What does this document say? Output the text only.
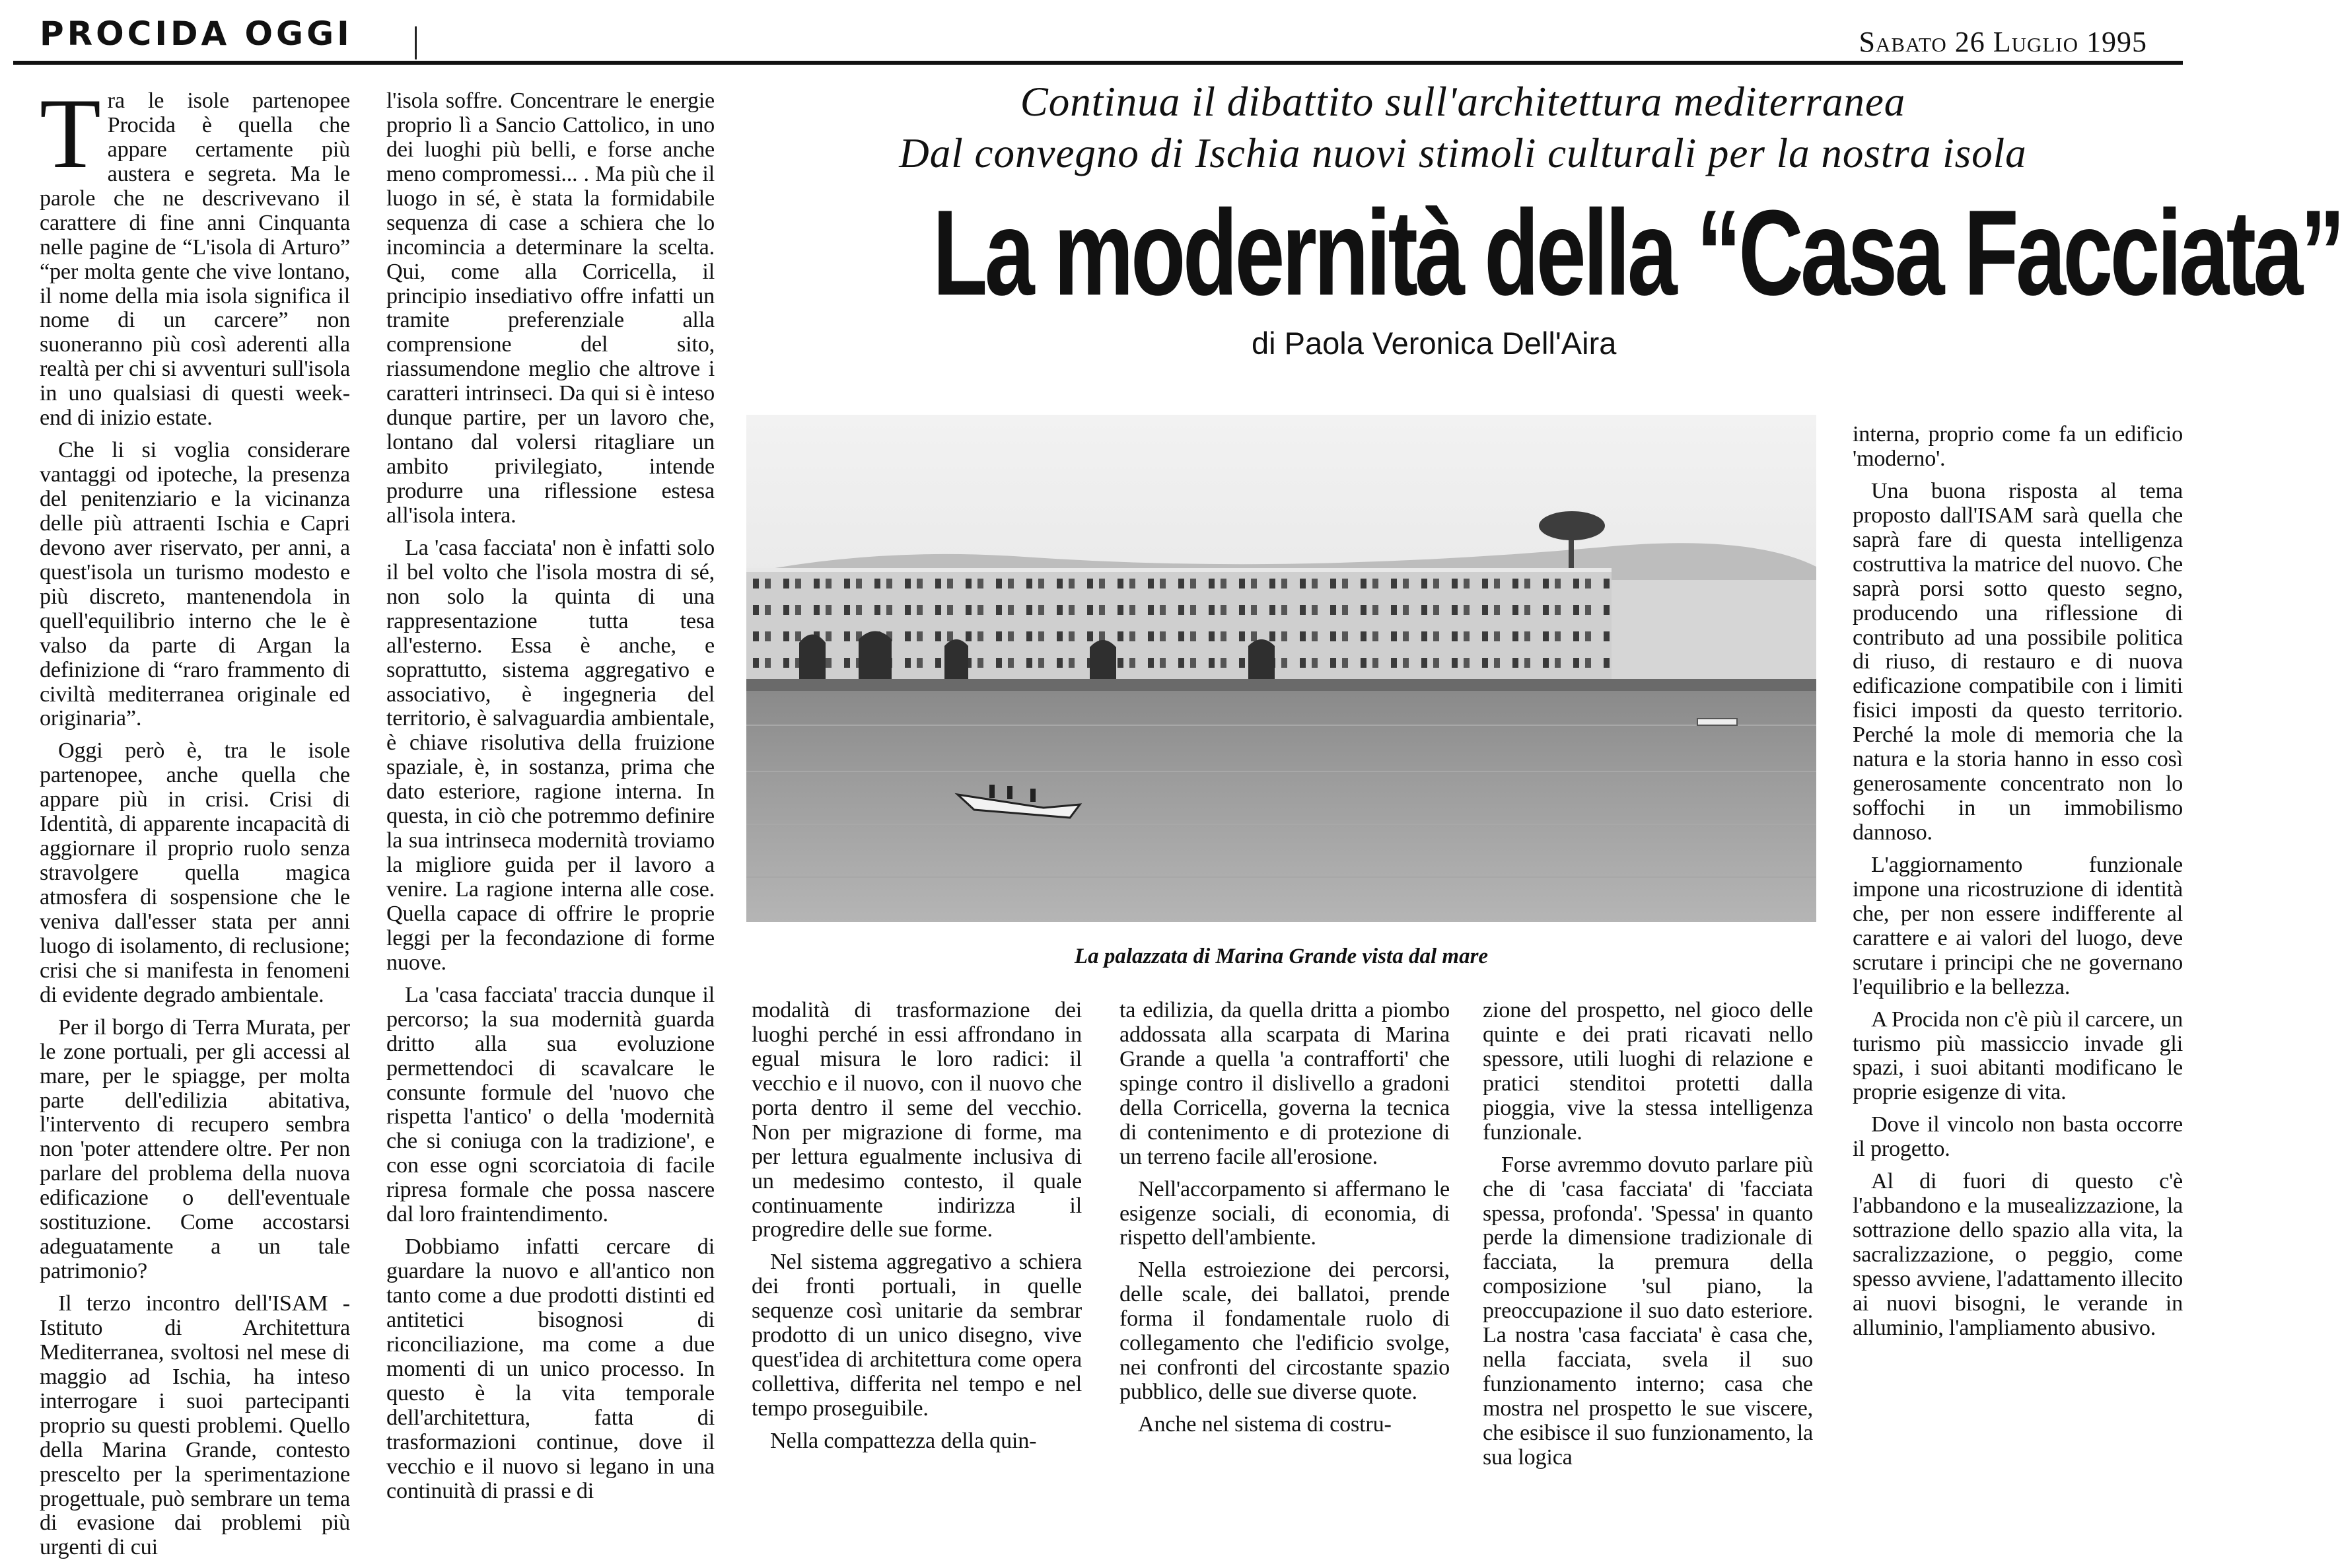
PROCIDA OGGI	Sabato 26 Luglio 1995
Continua il dibattito sull'architettura mediterranea
Dal convegno di Ischia nuovi stimoli culturali per la nostra isola
La modernità della “Casa Facciata”
di Paola Veronica Dell'Aira
La palazzata di Marina Grande vista dal mare

Tra le isole partenopee Procida è quella che appare certamente più austera e segreta. Ma le parole che ne descrivevano il carattere di fine anni Cinquanta nelle pagine de “L'isola di Arturo” “per molta gente che vive lontano, il nome della mia isola significa il nome di un carcere” non suoneranno più così aderenti alla realtà per chi si avventuri sull'isola in uno qualsiasi di questi week-end di inizio estate.

Che li si voglia considerare vantaggi od ipoteche, la presenza del penitenziario e la vicinanza delle più attraenti Ischia e Capri devono aver riservato, per anni, a quest'isola un turismo modesto e più discreto, mantenendola in quell'equilibrio interno che le è valso da parte di Argan la definizione di “raro frammento di civiltà mediterranea originale ed originaria”.

Oggi però è, tra le isole partenopee, anche quella che appare più in crisi. Crisi di Identità, di apparente incapacità di aggiornare il proprio ruolo senza stravolgere quella magica atmosfera di sospensione che le veniva dall'esser stata per anni luogo di isolamento, di reclusione; crisi che si manifesta in fenomeni di evidente degrado ambientale.

Per il borgo di Terra Murata, per le zone portuali, per gli accessi al mare, per le spiagge, per molta parte dell'edilizia abitativa, l'intervento di recupero sembra non 'poter attendere oltre. Per non parlare del problema della nuova edificazione o dell'eventuale sostituzione. Come accostarsi adeguatamente a un tale patrimonio?

Il terzo incontro dell'ISAM - Istituto di Architettura Mediterranea, svoltosi nel mese di maggio ad Ischia, ha inteso interrogare i suoi partecipanti proprio su questi problemi. Quello della Marina Grande, contesto prescelto per la sperimentazione progettuale, può sembrare un tema di evasione dai problemi più urgenti di cui

l'isola soffre. Concentrare le energie proprio lì a Sancio Cattolico, in uno dei luoghi più belli, e forse anche meno compromessi... . Ma più che il luogo in sé, è stata la formidabile sequenza di case a schiera che lo incomincia a determinare la scelta. Qui, come alla Corricella, il principio insediativo offre infatti un tramite preferenziale alla comprensione del sito, riassumendone meglio che altrove i caratteri intrinseci. Da qui si è inteso dunque partire, per un lavoro che, lontano dal volersi ritagliare un ambito privilegiato, intende produrre una riflessione estesa all'isola intera.

La 'casa facciata' non è infatti solo il bel volto che l'isola mostra di sé, non solo la quinta di una rappresentazione tutta tesa all'esterno. Essa è anche, e soprattutto, sistema aggregativo e associativo, è ingegneria del territorio, è salvaguardia ambientale, è chiave risolutiva della fruizione spaziale, è, in sostanza, prima che dato esteriore, ragione interna. In questa, in ciò che potremmo definire la sua intrinseca modernità troviamo la migliore guida per il lavoro a venire. La ragione interna alle cose. Quella capace di offrire le proprie leggi per la fecondazione di forme nuove.

La 'casa facciata' traccia dunque il percorso; la sua modernità guarda dritto alla sua evoluzione permettendoci di scavalcare le consunte formule del 'nuovo che rispetta l'antico' o della 'modernità che si coniuga con la tradizione', e con esse ogni scorciatoia di facile ripresa formale che possa nascere dal loro fraintendimento.

Dobbiamo infatti cercare di guardare la nuovo e all'antico non tanto come a due prodotti distinti ed antitetici bisognosi di riconciliazione, ma come a due momenti di un unico processo. In questo è la vita temporale dell'architettura, fatta di trasformazioni continue, dove il vecchio e il nuovo si legano in una continuità di prassi e di

modalità di trasformazione dei luoghi perché in essi affrondano in egual misura le loro radici: il vecchio e il nuovo, con il nuovo che porta dentro il seme del vecchio. Non per migrazione di forme, ma per lettura egualmente inclusiva di un medesimo contesto, il quale continuamente indirizza il progredire delle sue forme.

Nel sistema aggregativo a schiera dei fronti portuali, in quelle sequenze così unitarie da sembrar prodotto di un unico disegno, vive quest'idea di architettura come opera collettiva, differita nel tempo e nel tempo proseguibile.

Nella compattezza della quin-

ta edilizia, da quella dritta a piombo addossata alla scarpata di Marina Grande a quella 'a contrafforti' che spinge contro il dislivello a gradoni della Corricella, governa la tecnica di contenimento e di protezione di un terreno facile all'erosione.

Nell'accorpamento si affermano le esigenze sociali, di economia, di rispetto dell'ambiente.

Nella estroiezione dei percorsi, delle scale, dei ballatoi, prende forma il fondamentale ruolo di collegamento che l'edificio svolge, nei confronti del circostante spazio pubblico, delle sue diverse quote.

Anche nel sistema di costru-

zione del prospetto, nel gioco delle quinte e dei prati ricavati nello spessore, utili luoghi di relazione e pratici stenditoi protetti dalla pioggia, vive la stessa intelligenza funzionale.

Forse avremmo dovuto parlare più che di 'casa facciata' di 'facciata spessa, profonda'. 'Spessa' in quanto perde la dimensione tradizionale di facciata, la premura della composizione 'sul piano, la preoccupazione il suo dato esteriore. La nostra 'casa facciata' è casa che, nella facciata, svela il suo funzionamento interno; casa che mostra nel prospetto le sue viscere, che esibisce il suo funzionamento, la sua logica

interna, proprio come fa un edificio 'moderno'.

Una buona risposta al tema proposto dall'ISAM sarà quella che saprà fare di questa intelligenza costruttiva la matrice del nuovo. Che saprà porsi sotto questo segno, producendo una riflessione di contributo ad una possibile politica di riuso, di restauro e di nuova edificazione compatibile con i limiti fisici imposti da questo territorio. Perché la mole di memoria che la natura e la storia hanno in esso così generosamente concentrato non lo soffochi in un immobilismo dannoso.

L'aggiornamento funzionale impone una ricostruzione di identità che, per non essere indifferente al carattere e ai valori del luogo, deve scrutare i principi che ne governano l'equilibrio e la bellezza.

A Procida non c'è più il carcere, un turismo più massiccio invade gli spazi, i suoi abitanti modificano le proprie esigenze di vita.

Dove il vincolo non basta occorre il progetto.

Al di fuori di questo c'è l'abbandono e la musealizzazione, la sottrazione dello spazio alla vita, la sacralizzazione, o peggio, come spesso avviene, l'adattamento illecito ai nuovi bisogni, le verande in alluminio, l'ampliamento abusivo.
